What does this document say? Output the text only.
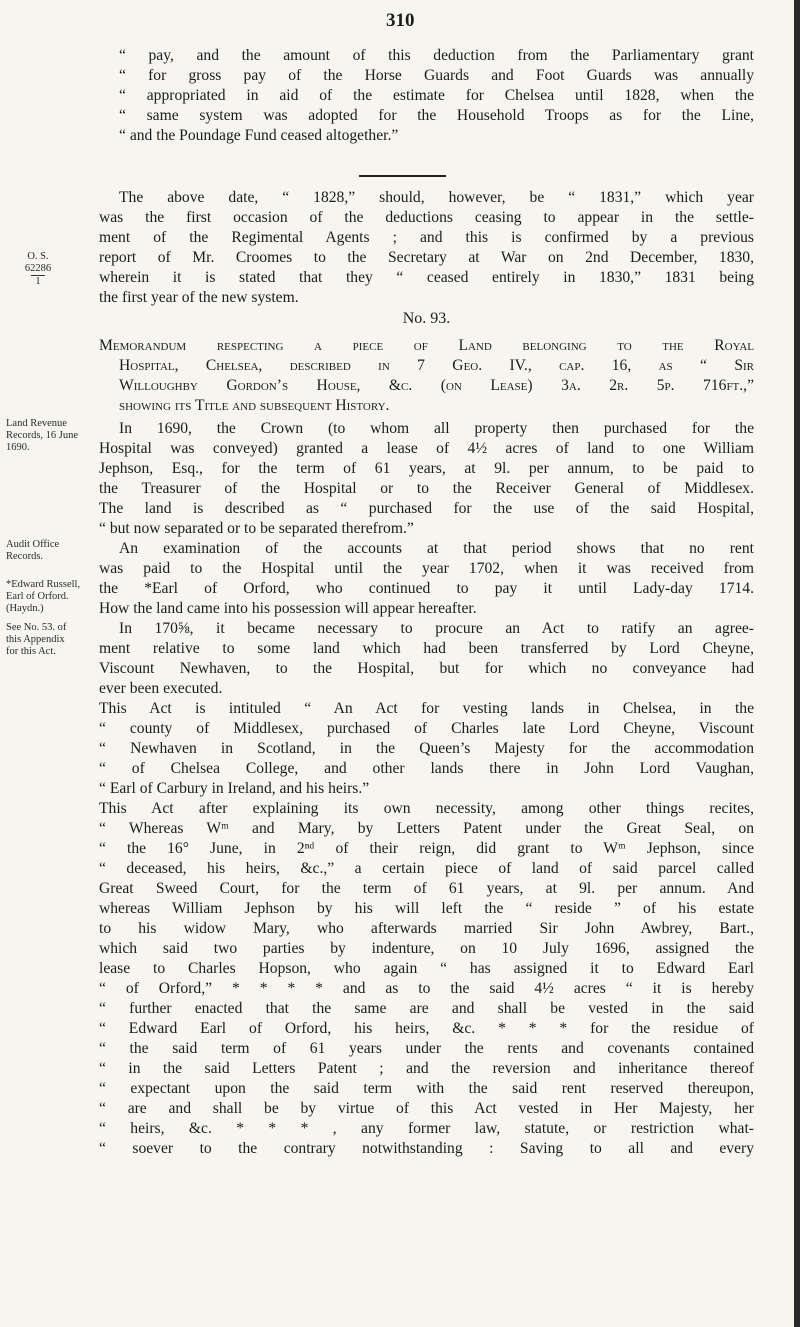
310
“ pay, and the amount of this deduction from the Parliamentary grant
“ for gross pay of the Horse Guards and Foot Guards was annually
“ appropriated in aid of the estimate for Chelsea until 1828, when the
“ same system was adopted for the Household Troops as for the Line,
“ and the Poundage Fund ceased altogether.”
The above date, “ 1828,” should, however, be “ 1831,” which year
was the first occasion of the deductions ceasing to appear in the settle-
ment of the Regimental Agents ; and this is confirmed by a previous
report of Mr. Croomes to the Secretary at War on 2nd December, 1830,
wherein it is stated that they “ ceased entirely in 1830,” 1831 being
the first year of the new system.
O. S.
62286
1
No. 93.
Memorandum respecting a piece of Land belonging to the Royal
Hospital, Chelsea, described in 7 Geo. IV., cap. 16, as “ Sir
Willoughby Gordon’s House, &c. (on Lease) 3a. 2r. 5p. 716ft.,”
showing its Title and subsequent History.
Land Revenue
Records, 16 June
1690.
Audit Office
Records.
*Edward Russell,
Earl of Orford.
(Haydn.)
See No. 53. of
this Appendix
for this Act.
In 1690, the Crown (to whom all property then purchased for the
Hospital was conveyed) granted a lease of 4½ acres of land to one William
Jephson, Esq., for the term of 61 years, at 9l. per annum, to be paid to
the Treasurer of the Hospital or to the Receiver General of Middlesex.
The land is described as “ purchased for the use of the said Hospital,
“ but now separated or to be separated therefrom.”
An examination of the accounts at that period shows that no rent
was paid to the Hospital until the year 1702, when it was received from
the *Earl of Orford, who continued to pay it until Lady-day 1714.
How the land came into his possession will appear hereafter.
In 170⅝, it became necessary to procure an Act to ratify an agree-
ment relative to some land which had been transferred by Lord Cheyne,
Viscount Newhaven, to the Hospital, but for which no conveyance had
ever been executed.
This Act is intituled “ An Act for vesting lands in Chelsea, in the
“ county of Middlesex, purchased of Charles late Lord Cheyne, Viscount
“ Newhaven in Scotland, in the Queen’s Majesty for the accommodation
“ of Chelsea College, and other lands there in John Lord Vaughan,
“ Earl of Carbury in Ireland, and his heirs.”
This Act after explaining its own necessity, among other things recites,
“ Whereas Wᵐ and Mary, by Letters Patent under the Great Seal, on
“ the 16° June, in 2ⁿᵈ of their reign, did grant to Wᵐ Jephson, since
“ deceased, his heirs, &c.,” a certain piece of land of said parcel called
Great Sweed Court, for the term of 61 years, at 9l. per annum. And
whereas William Jephson by his will left the “ reside ” of his estate
to his widow Mary, who afterwards married Sir John Awbrey, Bart.,
which said two parties by indenture, on 10 July 1696, assigned the
lease to Charles Hopson, who again “ has assigned it to Edward Earl
“ of Orford,” * * * * and as to the said 4½ acres “ it is hereby
“ further enacted that the same are and shall be vested in the said
“ Edward Earl of Orford, his heirs, &c. * * * for the residue of
“ the said term of 61 years under the rents and covenants contained
“ in the said Letters Patent ; and the reversion and inheritance thereof
“ expectant upon the said term with the said rent reserved thereupon,
“ are and shall be by virtue of this Act vested in Her Majesty, her
“ heirs, &c. * * * , any former law, statute, or restriction what-
“ soever to the contrary notwithstanding : Saving to all and every
